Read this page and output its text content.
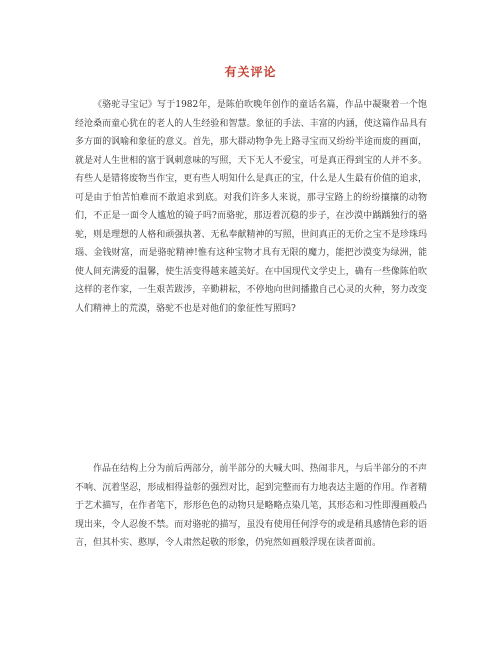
有关评论

《骆驼寻宝记》写于1982年，是陈伯吹晚年创作的童话名篇，作品中凝聚着一个饱经沧桑而童心犹在的老人的人生经验和智慧。象征的手法、丰富的内涵，使这篇作品具有多方面的讽喻和象征的意义。首先，那大群动物争先上路寻宝而又纷纷半途而废的画面，就是对人生世相的富于讽刺意味的写照，天下无人不爱宝，可是真正得到宝的人并不多。有些人是错将废物当作宝，更有些人明知什么是真正的宝，什么是人生最有价值的追求，可是由于怕苦怕难而不敢追求到底。对我们许多人来说，那寻宝路上的纷纷攘攘的动物们，不正是一面令人尴尬的镜子吗?而骆驼，那迈着沉稳的步子，在沙漠中踽踽独行的骆驼，则是理想的人格和顽强执著、无私奉献精神的写照，世间真正的无价之宝不是珍珠玛瑙、金钱财富，而是骆驼精神!惟有这种宝物才具有无限的魔力，能把沙漠变为绿洲，能使人间充满爱的温馨，使生活变得越来越美好。在中国现代文学史上，确有一些像陈伯吹这样的老作家，一生艰苦跋涉，辛勤耕耘，不停地向世间播撒自己心灵的火种，努力改变人们精神上的荒漠，骆驼不也是对他们的象征性写照吗?

作品在结构上分为前后两部分，前半部分的大喊大叫、热闹非凡，与后半部分的不声不响、沉着坚忍，形成相得益彰的强烈对比，起到完整而有力地表达主题的作用。作者精于艺术描写，在作者笔下，形形色色的动物只是略略点染几笔，其形态和习性即漫画般凸现出来，令人忍俊不禁。而对骆驼的描写，虽没有使用任何浮夸的或是稍具感情色彩的语言，但其朴实、憨厚，令人肃然起敬的形象，仍宛然如画般浮现在读者面前。
